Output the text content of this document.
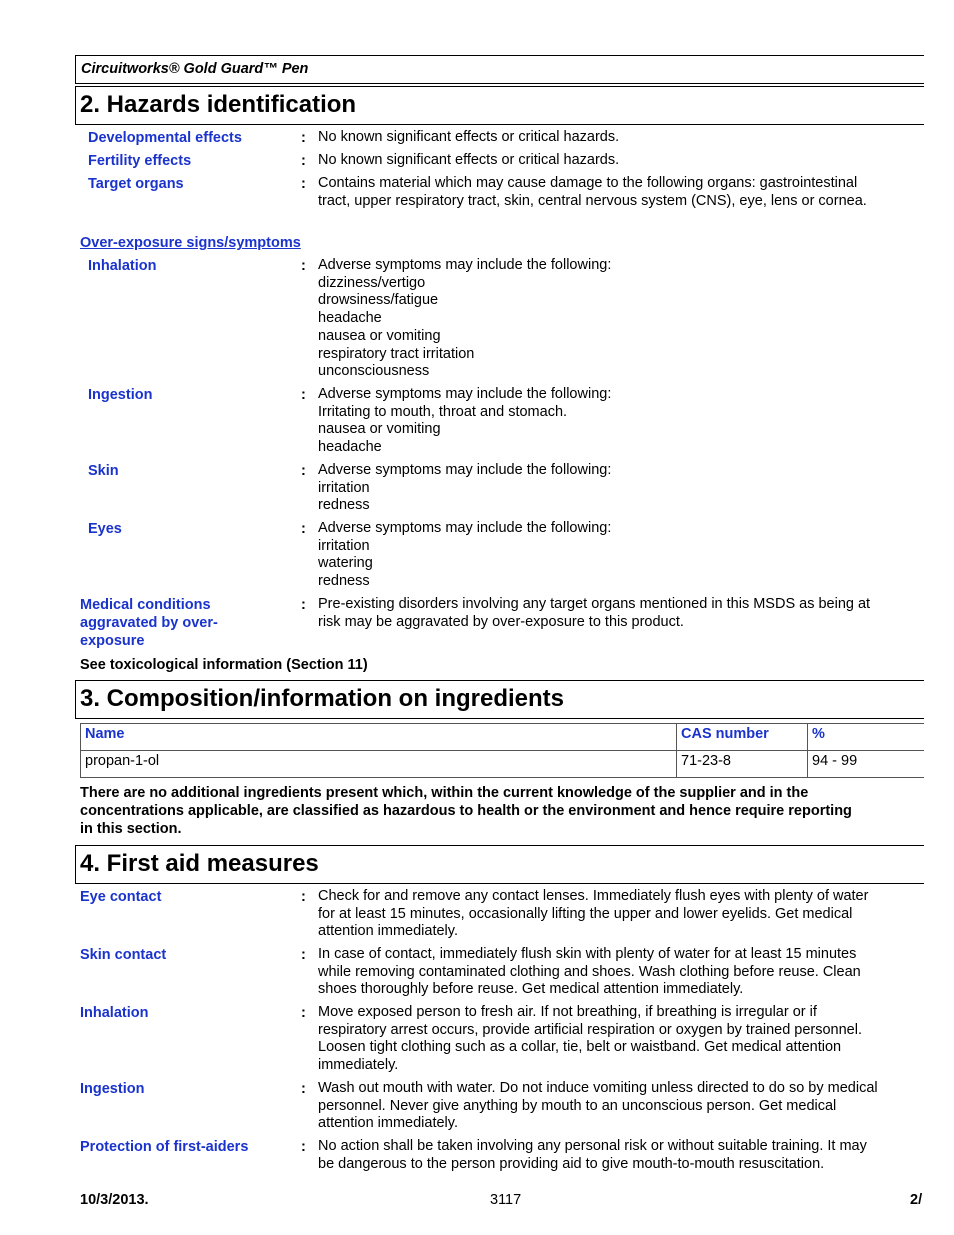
Circuitworks® Gold Guard™ Pen
2. Hazards identification
Developmental effects	: No known significant effects or critical hazards.
Fertility effects	: No known significant effects or critical hazards.
Target organs	: Contains material which may cause damage to the following organs: gastrointestinal
tract, upper respiratory tract, skin, central nervous system (CNS), eye, lens or cornea.
Over-exposure signs/symptoms
Inhalation	: Adverse symptoms may include the following:
dizziness/vertigo
drowsiness/fatigue
headache
nausea or vomiting
respiratory tract irritation
unconsciousness
Ingestion	: Adverse symptoms may include the following:
Irritating to mouth, throat and stomach.
nausea or vomiting
headache
Skin	: Adverse symptoms may include the following:
irritation
redness
Eyes	: Adverse symptoms may include the following:
irritation
watering
redness
Medical conditions
aggravated by over-
exposure
: Pre-existing disorders involving any target organs mentioned in this MSDS as being at
risk may be aggravated by over-exposure to this product.
See toxicological information (Section 11)
3. Composition/information on ingredients
Name	CAS number	%
propan-1-ol	71-23-8	94 - 99
There are no additional ingredients present which, within the current knowledge of the supplier and in the
concentrations applicable, are classified as hazardous to health or the environment and hence require reporting
in this section.
4. First aid measures
Eye contact	: Check for and remove any contact lenses. Immediately flush eyes with plenty of water
for at least 15 minutes, occasionally lifting the upper and lower eyelids. Get medical
attention immediately.
Skin contact	: In case of contact, immediately flush skin with plenty of water for at least 15 minutes
while removing contaminated clothing and shoes. Wash clothing before reuse. Clean
shoes thoroughly before reuse. Get medical attention immediately.
Inhalation	: Move exposed person to fresh air. If not breathing, if breathing is irregular or if
respiratory arrest occurs, provide artificial respiration or oxygen by trained personnel.
Loosen tight clothing such as a collar, tie, belt or waistband. Get medical attention
immediately.
Ingestion	: Wash out mouth with water. Do not induce vomiting unless directed to do so by medical
personnel. Never give anything by mouth to an unconscious person. Get medical
attention immediately.
Protection of first-aiders	: No action shall be taken involving any personal risk or without suitable training. It may
be dangerous to the person providing aid to give mouth-to-mouth resuscitation.
10/3/2013.	3117	2/
